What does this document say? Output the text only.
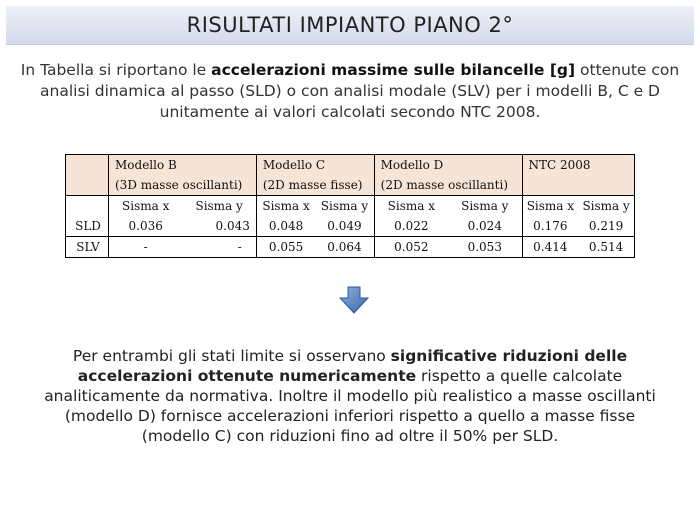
RISULTATI IMPIANTO PIANO 2°
In Tabella si riportano le accelerazioni massime sulle bilancelle [g] ottenute con analisi dinamica al passo (SLD) o con analisi modale (SLV) per i modelli B, C e D unitamente ai valori calcolati secondo NTC 2008.
	Modello B		Modello C		Modello D		NTC 2008	
	(3D masse oscillanti)		(2D masse fisse)		(2D masse oscillanti)			
	Sisma x	Sisma y	Sisma x	Sisma y	Sisma x	Sisma y	Sisma x	Sisma y
SLD	0.036	0.043	0.048	0.049	0.022	0.024	0.176	0.219
SLV	-	-	0.055	0.064	0.052	0.053	0.414	0.514
Per entrambi gli stati limite si osservano significative riduzioni delle accelerazioni ottenute numericamente rispetto a quelle calcolate analiticamente da normativa. Inoltre il modello più realistico a masse oscillanti (modello D) fornisce accelerazioni inferiori rispetto a quello a masse fisse (modello C) con riduzioni fino ad oltre il 50% per SLD.
